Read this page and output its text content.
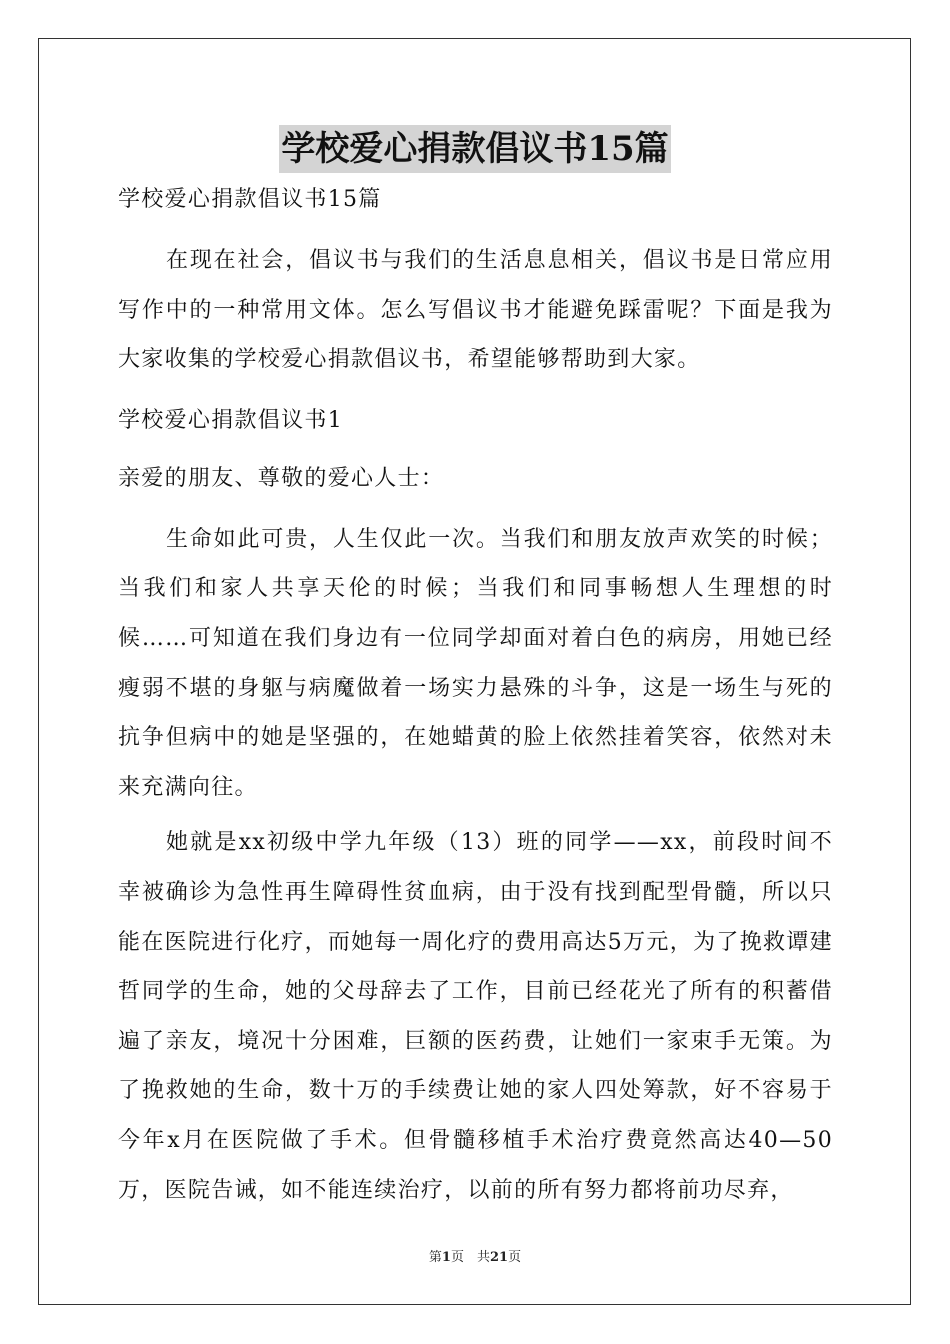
学校爱心捐款倡议书15篇

学校爱心捐款倡议书15篇

在现在社会，倡议书与我们的生活息息相关，倡议书是日常应用写作中的一种常用文体。怎么写倡议书才能避免踩雷呢？下面是我为大家收集的学校爱心捐款倡议书，希望能够帮助到大家。

学校爱心捐款倡议书1

亲爱的朋友、尊敬的爱心人士：

生命如此可贵，人生仅此一次。当我们和朋友放声欢笑的时候；当我们和家人共享天伦的时候；当我们和同事畅想人生理想的时候……可知道在我们身边有一位同学却面对着白色的病房，用她已经瘦弱不堪的身躯与病魔做着一场实力悬殊的斗争，这是一场生与死的抗争但病中的她是坚强的，在她蜡黄的脸上依然挂着笑容，依然对未来充满向往。

她就是xx初级中学九年级（13）班的同学——xx，前段时间不幸被确诊为急性再生障碍性贫血病，由于没有找到配型骨髓，所以只能在医院进行化疗，而她每一周化疗的费用高达5万元，为了挽救谭建哲同学的生命，她的父母辞去了工作，目前已经花光了所有的积蓄借遍了亲友，境况十分困难，巨额的医药费，让她们一家束手无策。为了挽救她的生命，数十万的手续费让她的家人四处筹款，好不容易于今年x月在医院做了手术。但骨髓移植手术治疗费竟然高达40—50万，医院告诫，如不能连续治疗，以前的所有努力都将前功尽弃，

第1页　共21页
